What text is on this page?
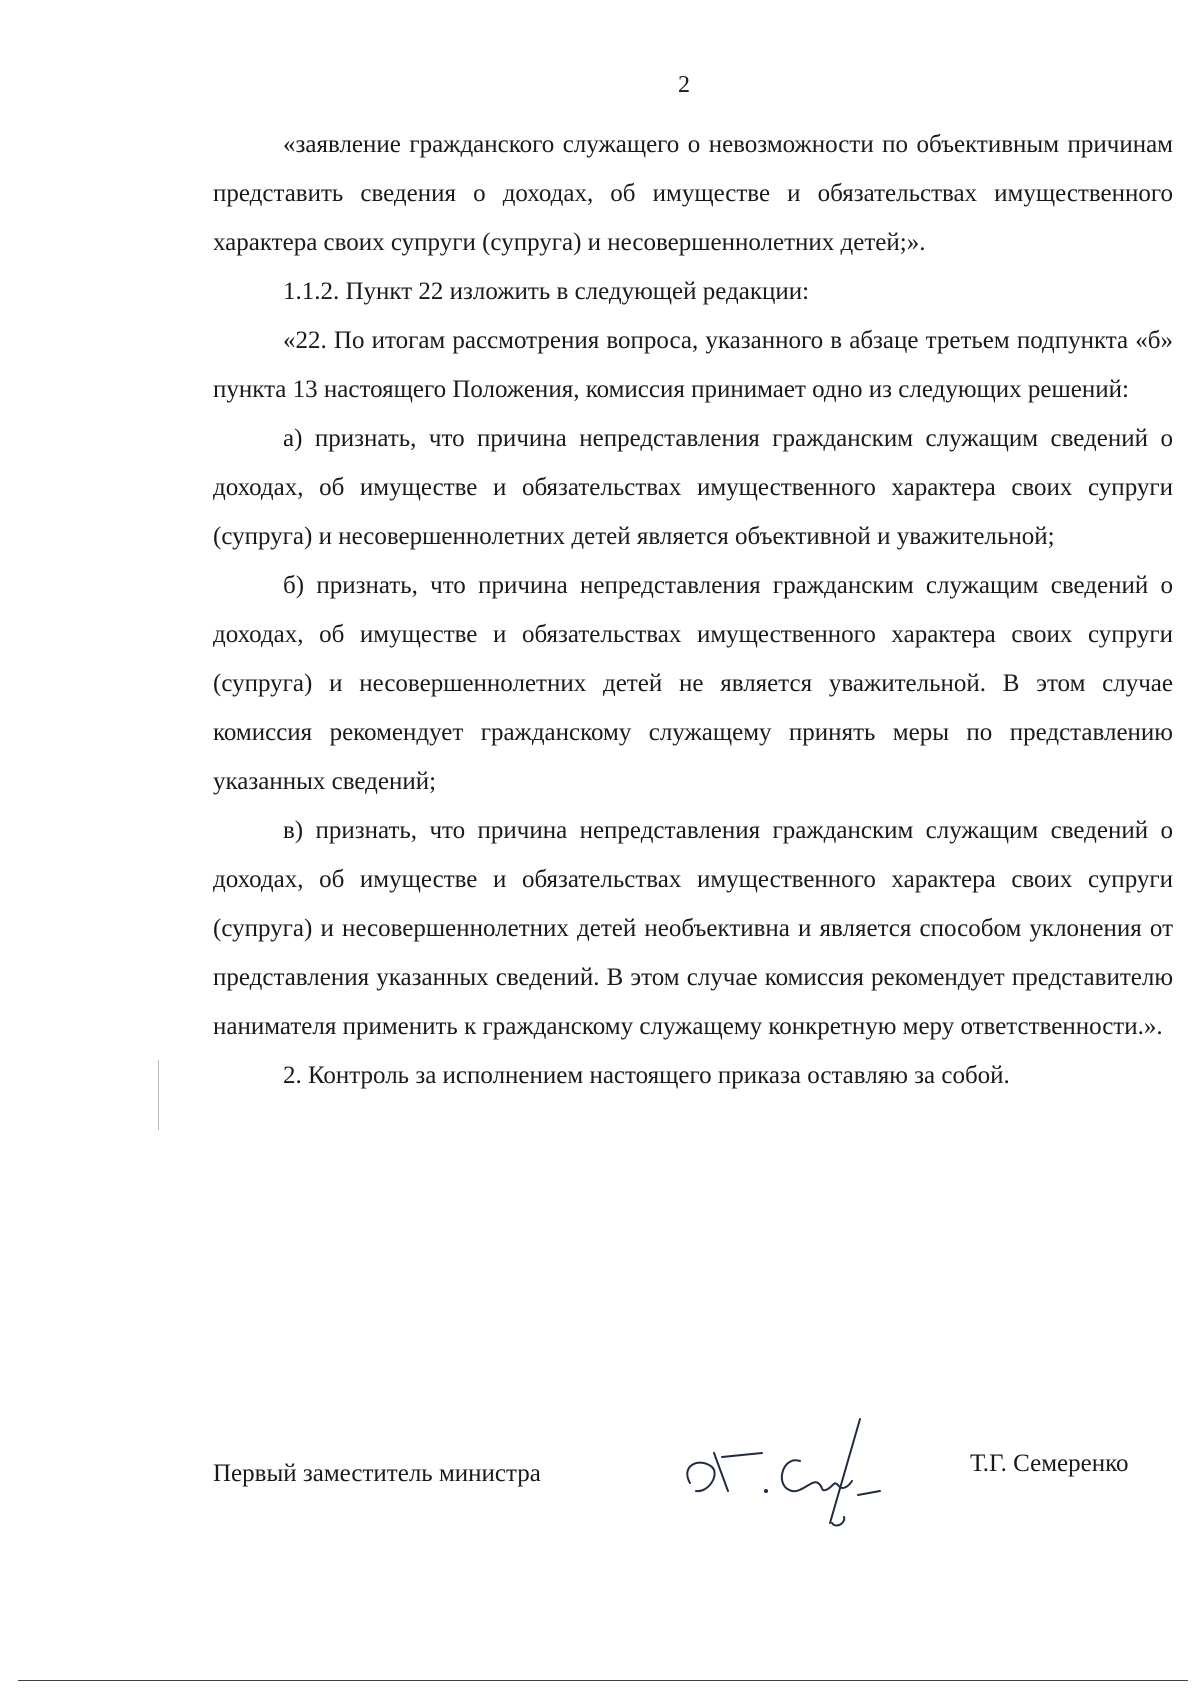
2

«заявление гражданского служащего о невозможности по объективным причинам представить сведения о доходах, об имуществе и обязательствах имущественного характера своих супруги (супруга) и несовершеннолетних детей;».

1.1.2. Пункт 22 изложить в следующей редакции:

«22. По итогам рассмотрения вопроса, указанного в абзаце третьем подпункта «б» пункта 13 настоящего Положения, комиссия принимает одно из следующих решений:

а) признать, что причина непредставления гражданским служащим сведений о доходах, об имуществе и обязательствах имущественного характера своих супруги (супруга) и несовершеннолетних детей является объективной и уважительной;

б) признать, что причина непредставления гражданским служащим сведений о доходах, об имуществе и обязательствах имущественного характера своих супруги (супруга) и несовершеннолетних детей не является уважительной. В этом случае комиссия рекомендует гражданскому служащему принять меры по представлению указанных сведений;

в) признать, что причина непредставления гражданским служащим сведений о доходах, об имуществе и обязательствах имущественного характера своих супруги (супруга) и несовершеннолетних детей необъективна и является способом уклонения от представления указанных сведений. В этом случае комиссия рекомендует представителю нанимателя применить к гражданскому служащему конкретную меру ответственности.».

2. Контроль за исполнением настоящего приказа оставляю за собой.

Первый заместитель министра	Т.Г. Семеренко
